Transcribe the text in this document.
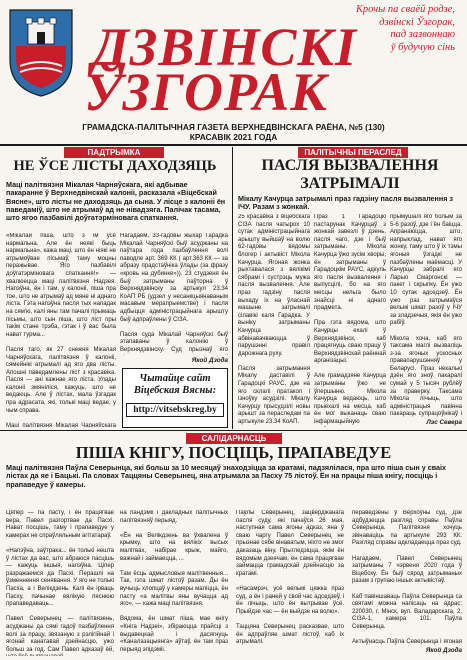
ДЗВІНСКІ
ЎЗГОРАК
Крочы па сваёй родзе,
дзвінскі Ўзгорак,
пад зазвоннаю
ў будучую сінь
ГРАМАДСКА-ПАЛІТЫЧНАЯ ГАЗЕТА ВЕРХНЕДВІНСКАГА РАЁНА, №5 (130)
КРАСАВІК 2021 ГОДА
ПАДТРЫМКА
НЕ ЎСЕ ЛІСТЫ ДАХОДЗЯЦЬ
Мацi палiтвязня Мiкалая Чарняўскага, якi адбывае пакаранне ў Верхнедвінскай калоніі, расказала «Віцебскай Вясне», што лісты не даходзяць да сына. У лісце з калоніі ён паведаміў, што не атрымаў ад не нівадзяга. Палічак тасама, што ягоо пазбавілі доўгатэрміновага спаткання.
«Мікалай піша, што з ім усё нармальна. Але ён неякі быць нармальна», кажа маці, што ён ніякі не атрымоўвае пісьмаў, таму моцны перажывае. Яго пазбавілі доўгатэрміновага спаткання!» — хвалюецца маці палітвязня Надзея. Напэўна, ён і там, у калоніі, піша пра тое, што не атрымаў ад мяне ні аднаго ліста. Гэта напэўна пасля тых нападак на сям'ю, калі яны там пачалі прымаць пісьмы, што сын піша, што ліст пры такім стане трэба, гэтак і ў вас была нават турма...

Пасля таго, як 27 снежня Мікалая Чарняўскага, палітвязня ў калоніі, сямейнікі атрымалі ад яго два лісты. Апошні паведамлены ліст з красавіка. Пасля — ані кажнае яго ліста. Улады калоніі змяніліся, кажуць, што не ведаюць. Але ў лістах, мала ўзгадак пра адрасата, які, толькі маці ведае, у чым справа.

Маці палітвязня Мікалая Чарняўскага

Нагадаем, 33-гадовы жыхар Гарадка Мікалай Чарняўскі быў асуджаны на паўтара года пазбаўлення волі паводле арт. 369 КК ( арт.363 КК — за абразу прадстаўніка ўлады (за фразу «кровь на дубинке»)). 23 студзеня ён быў затрыманы паўторна ў Верхнядзвінску за артыкул 23.34 КоАП РБ (удзел у несанкцыянаваным масавым мерапрыемстве) і пасля адбыцця адміністрацыйнага арышту быў адпраўлены ў СІЗА.

Пасля суда Мікалай Чарняўскі быў этапаваны ў калонію ў Верхнядзвінску. Суд прызнаў яго

Якой Дзода
Чытайце сайт
Віцебская Вясны:
http://vitsebskreg.by
ПАЛІТЫЧНЫ ПЕРАСЛЕД
ПАСЛЯ ВЫЗВАЛЕННЯ
ЗАТРЫМАЛІ
Мікалу Качурца затрымалі праз гадзіну пасля вызвалення з ІЧУ. Разам з жонкай.
25 красавіка з віцебскага СІЗА пасля чатырох 10 сутак адміністрацыйнага арышту выйшаў на волю 62-гадовы вядомы блогер і актывіст Мікола Качурца. Ягоная жонка рыхтавалася з вялікімі сябрамі і сустрэць мужа пасля вызвалення. Але праз гадзіну пасля выхаду іх на ўласнай машыне затрымалі сілавікі каля Гарадка. У выніку затрыманы Качурца абвінавачваюцца ў парушэнні правіл дарожнага руху.

Пасля затрымання Мікалу даставілі ў Гарадоцкі РАУС, дзе на яго склалі пратакол і ізноўку асудзілі. Мікалу Качурцу прысудзілі новы арышт за пераследам па артыкуле 23.34 КоАП.

Праз 1 Гарадоцкі пастарунак Качурцаў з жонкай завезлі ў дзень, пасля чаго, дзе і быў затрыманы. Мікола Качурца ўжо зусім хворы, ён затрыманы ў Гарадоцкім РАУС, адкуль яго пасля вызвалення і выпусцілі, бо на яго месцы нельга было знайсці ні аднаго прадмета.

Пра гэта вядома, што Качурцы ехалі ў Верхнядзвінск, каб працягнуць сваю працу ў Верхнядзвінскай раённай арганізацыі.

Але грамадзяне Качурца затрыманы ўжо не ўпершыню. Мікола Качурца ведаюць, што прыехалі на месца, каб ён мог выканаць сваю інфармацыйную

прымушалі яго болым за 5-6 разоў, дзе і ён баіцца. Апранаюцца, што, напрыклад, нават яго жонку, таму што ў іх тэмы ягоныя ўзгадкі не пазбаўлены маёмасці. У Качурцы забралі яго Ларыо Смаргонскі — пакет і скрыпку. Ён ужо 10 сутак адседзеў. Ён ужо раз затрымаўся вельмі шмат разоў у ІЧУ за зладзечыя, якія ён ужо рабіў.

Мікола хоча, каб яго таксама маглі вызваліць з-за ягоных ускосных правапарушэнняў у Беларусі. Праз некалькі дзён яго зноў пакаралі сумай у 5 тысяч рублёў за праверку. Таксама Мікола лічыць, што адміністрацыя павінна пакараць супрацоўнікаў і

Лэс Севера
САЛІДАРНАСЦЬ
ПІША КНІГУ, ПОСЦІЦЬ, ПРАПАВЕДУЕ
Маці палітвязня Паўла Северынца, які больш за 10 месяцаў знаходзіцца за кратамі, падзялілася, пра што піша сын у сваіх лістах да яе і Бацькі. Па словах Таццяны Северынец, яна атрымала за Пасху 75 лістоў. Ён на працы піша кнігу, посціць і прапаведуе ў камеры.
Цяпер — па пасту, і ён працягвае вера, Павел разгортвае да Пасхі. Нават посцішь, таму і прапаведуе у камерах не спраўляльным агітатараў.

«Напэўна, заўтрака... ён толькі нешта ў лістах да вас, што абраюся пасцішь — кажуць іншыя, напэўна. Ціпер разражаемся да Пасхі. Перашлі на ўзменнення сенявання. У яго не толькі Пасха, а і Велікдзень. Калі ён ірваць Пасху, пачынае вялікую пяснюю прапаведаваць...

Павел Северынец — палітвязень, асуджаны да сямі гадоў пазбаўлення волі за працу, звязаную з рэлігійнай і ягонай канатавай дзейнасцю, ужо больш за год. Сам Павел адказаў ёй,
на пандэміі і дакладных палітычных палітвязняў перыяд.

«Ён на Велікдзень ва ўхвалена ў крымку, што на вялікіх высых малітвах, набірае крыж, майго, важнай і займаецца, ...

Там ёсць адмысловыя малітвенныя... Так, гэта шмат лістоў разам. Ды ён вучыць хлопцаў у камеры маліцца, ён пасту «а малітвы яны вучацца ад яго», — кажа маці палітвязня.

Вядома, ён шмат піша, мае кнігу «Кніга Надзеі», збіраюцца прайсці з выдавецкай і дасягнуць «Каналазацыянга» аўтаў, ён там праз перыяд эпідэміі.
Паўлы Северынец, зацверджанага пасля суду, які пачаўся 26 мая, наступная сама ягоны адказ, яна ў сваю чаргу Павел Северынец не прызнае сябе вінаватым, ніхто не змог даказаць віну. Прыгледзіцца, якім ён вядомым дзеячам, ён сама працягвае займацца грамадскай дзейнасцю за кратамі.

«Насамрэч, усё вельмі цяжка праз суд, а ён і раней у свой час адседзеў, і ён лічыць, што ён вытрывае ўсё. Прыйдзе час — ён выйдзе на волю».

Таццяна Северынец расказвае, што ён адпраўляе шмат лістоў, каб іх атрымалі.
пераведзены ў Верхоўны суд, дзе адбудзецца разгляд справы Паўла Северынца. Палітвязня хочуць звінаваціць па артыкуле 293 КК. Разгляд справы адкладаецца праз суд.

Нагадаем, Павел Северынец затрыманы 7 чэрвеня 2020 года ў Віцебску. Ён быў сярод затрыманых разам з групаю іншых актывістаў.

Каб павіншаваць Паўла Северынца са святамі можна напісаць на адрас: 220030, г. Мінск, вул. Валадарскага, 2, СІЗА-1, камера 101. Паўла Северынца.

Актыўнасць Паўла Северынца і ягоная
Якой Дзода
